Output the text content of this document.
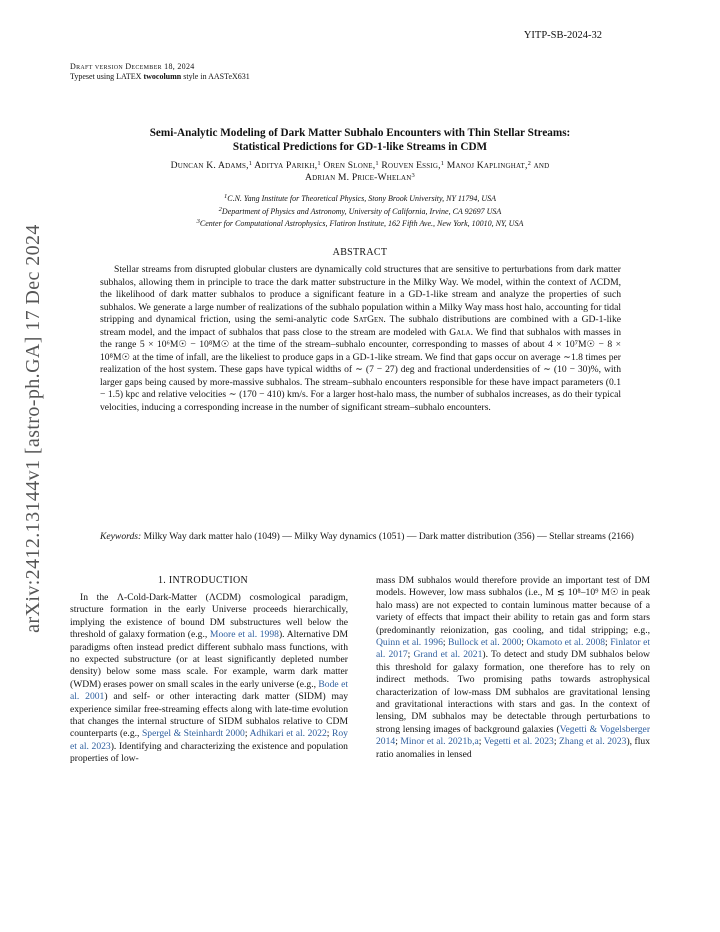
YITP-SB-2024-32
arXiv:2412.13144v1 [astro-ph.GA] 17 Dec 2024
Draft version December 18, 2024
Typeset using LATEX twocolumn style in AASTeX631
Semi-Analytic Modeling of Dark Matter Subhalo Encounters with Thin Stellar Streams:
Statistical Predictions for GD-1-like Streams in CDM
Duncan K. Adams,$^1$ Aditya Parikh,$^1$ Oren Slone,$^1$ Rouven Essig,$^1$ Manoj Kaplinghat,$^2$ and
Adrian M. Price-Whelan$^3$
$^1$C.N. Yang Institute for Theoretical Physics, Stony Brook University, NY 11794, USA
$^2$Department of Physics and Astronomy, University of California, Irvine, CA 92697 USA
$^3$Center for Computational Astrophysics, Flatiron Institute, 162 Fifth Ave., New York, 10010, NY, USA
ABSTRACT
Stellar streams from disrupted globular clusters are dynamically cold structures that are sensitive to perturbations from dark matter subhalos, allowing them in principle to trace the dark matter substructure in the Milky Way. We model, within the context of ΛCDM, the likelihood of dark matter subhalos to produce a significant feature in a GD-1-like stream and analyze the properties of such subhalos. We generate a large number of realizations of the subhalo population within a Milky Way mass host halo, accounting for tidal stripping and dynamical friction, using the semi-analytic code SatGen. The subhalo distributions are combined with a GD-1-like stream model, and the impact of subhalos that pass close to the stream are modeled with Gala. We find that subhalos with masses in the range 5 × 10⁶M☉ − 10⁸M☉ at the time of the stream–subhalo encounter, corresponding to masses of about 4 × 10⁷M☉ − 8 × 10⁸M☉ at the time of infall, are the likeliest to produce gaps in a GD-1-like stream. We find that gaps occur on average ∼1.8 times per realization of the host system. These gaps have typical widths of ∼ (7 − 27) deg and fractional underdensities of ∼ (10 − 30)%, with larger gaps being caused by more-massive subhalos. The stream–subhalo encounters responsible for these have impact parameters (0.1 − 1.5) kpc and relative velocities ∼ (170 − 410) km/s. For a larger host-halo mass, the number of subhalos increases, as do their typical velocities, inducing a corresponding increase in the number of significant stream–subhalo encounters.
Keywords: Milky Way dark matter halo (1049) — Milky Way dynamics (1051) — Dark matter distribution (356) — Stellar streams (2166)
1. INTRODUCTION
In the Λ-Cold-Dark-Matter (ΛCDM) cosmological paradigm, structure formation in the early Universe proceeds hierarchically, implying the existence of bound DM substructures well below the threshold of galaxy formation (e.g., Moore et al. 1998). Alternative DM paradigms often instead predict different subhalo mass functions, with no expected substructure (or at least significantly depleted number density) below some mass scale. For example, warm dark matter (WDM) erases power on small scales in the early universe (e.g., Bode et al. 2001) and self- or other interacting dark matter (SIDM) may experience similar free-streaming effects along with late-time evolution that changes the internal structure of SIDM subhalos relative to CDM counterparts (e.g., Spergel & Steinhardt 2000; Adhikari et al. 2022; Roy et al. 2023). Identifying and characterizing the existence and population properties of low-
mass DM subhalos would therefore provide an important test of DM models. However, low mass subhalos (i.e., M ≲ 10⁸–10⁹ M☉ in peak halo mass) are not expected to contain luminous matter because of a variety of effects that impact their ability to retain gas and form stars (predominantly reionization, gas cooling, and tidal stripping; e.g., Quinn et al. 1996; Bullock et al. 2000; Okamoto et al. 2008; Finlator et al. 2017; Grand et al. 2021). To detect and study DM subhalos below this threshold for galaxy formation, one therefore has to rely on indirect methods. Two promising paths towards astrophysical characterization of low-mass DM subhalos are gravitational lensing and gravitational interactions with stars and gas. In the context of lensing, DM subhalos may be detectable through perturbations to strong lensing images of background galaxies (Vegetti & Vogelsberger 2014; Minor et al. 2021b,a; Vegetti et al. 2023; Zhang et al. 2023), flux ratio anomalies in lensed
